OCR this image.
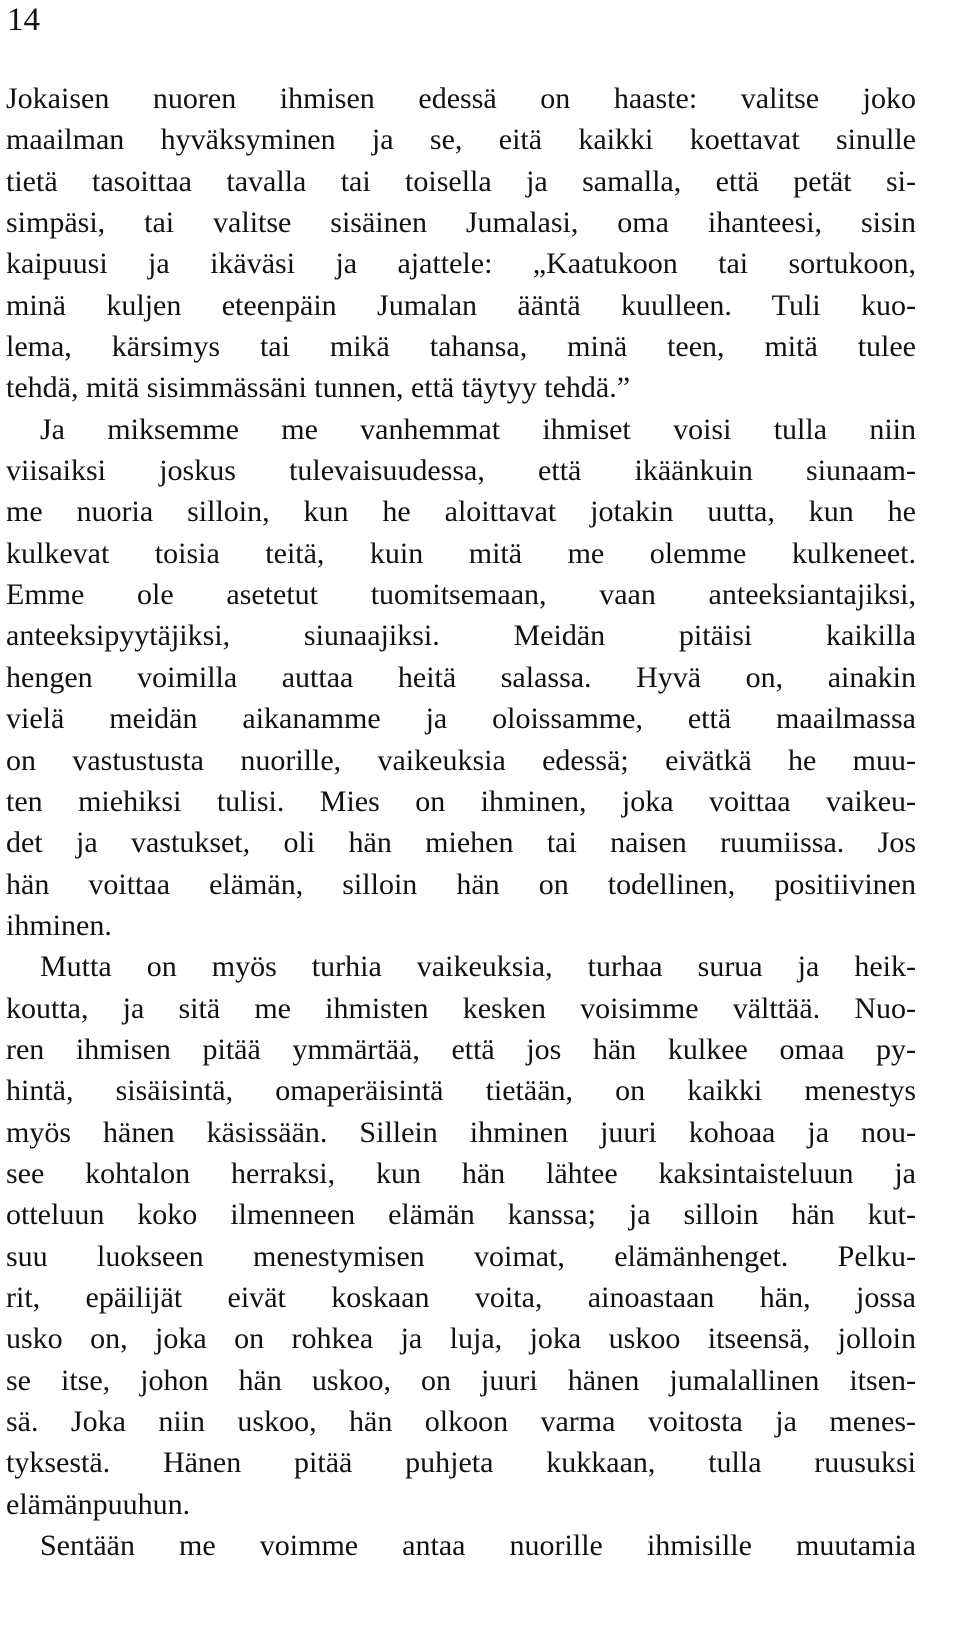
14
Jokaisen nuoren ihmisen edessä on haaste: valitse joko
maailman hyväksyminen ja se, eitä kaikki koettavat sinulle
tietä tasoittaa tavalla tai toisella ja samalla, että petät si-
simpäsi, tai valitse sisäinen Jumalasi, oma ihanteesi, sisin
kaipuusi ja ikäväsi ja ajattele: „Kaatukoon tai sortukoon,
minä kuljen eteenpäin Jumalan ääntä kuulleen. Tuli kuo-
lema, kärsimys tai mikä tahansa, minä teen, mitä tulee
tehdä, mitä sisimmässäni tunnen, että täytyy tehdä.”
Ja miksemme me vanhemmat ihmiset voisi tulla niin
viisaiksi joskus tulevaisuudessa, että ikäänkuin siunaam-
me nuoria silloin, kun he aloittavat jotakin uutta, kun he
kulkevat toisia teitä, kuin mitä me olemme kulkeneet.
Emme ole asetetut tuomitsemaan, vaan anteeksiantajiksi,
anteeksipyytäjiksi, siunaajiksi. Meidän pitäisi kaikilla
hengen voimilla auttaa heitä salassa. Hyvä on, ainakin
vielä meidän aikanamme ja oloissamme, että maailmassa
on vastustusta nuorille, vaikeuksia edessä; eivätkä he muu-
ten miehiksi tulisi. Mies on ihminen, joka voittaa vaikeu-
det ja vastukset, oli hän miehen tai naisen ruumiissa. Jos
hän voittaa elämän, silloin hän on todellinen, positiivinen
ihminen.
Mutta on myös turhia vaikeuksia, turhaa surua ja heik-
koutta, ja sitä me ihmisten kesken voisimme välttää. Nuo-
ren ihmisen pitää ymmärtää, että jos hän kulkee omaa py-
hintä, sisäisintä, omaperäisintä tietään, on kaikki menestys
myös hänen käsissään. Sillein ihminen juuri kohoaa ja nou-
see kohtalon herraksi, kun hän lähtee kaksintaisteluun ja
otteluun koko ilmenneen elämän kanssa; ja silloin hän kut-
suu luokseen menestymisen voimat, elämänhenget. Pelku-
rit, epäilijät eivät koskaan voita, ainoastaan hän, jossa
usko on, joka on rohkea ja luja, joka uskoo itseensä, jolloin
se itse, johon hän uskoo, on juuri hänen jumalallinen itsen-
sä. Joka niin uskoo, hän olkoon varma voitosta ja menes-
tyksestä. Hänen pitää puhjeta kukkaan, tulla ruusuksi
elämänpuuhun.
Sentään me voimme antaa nuorille ihmisille muutamia
